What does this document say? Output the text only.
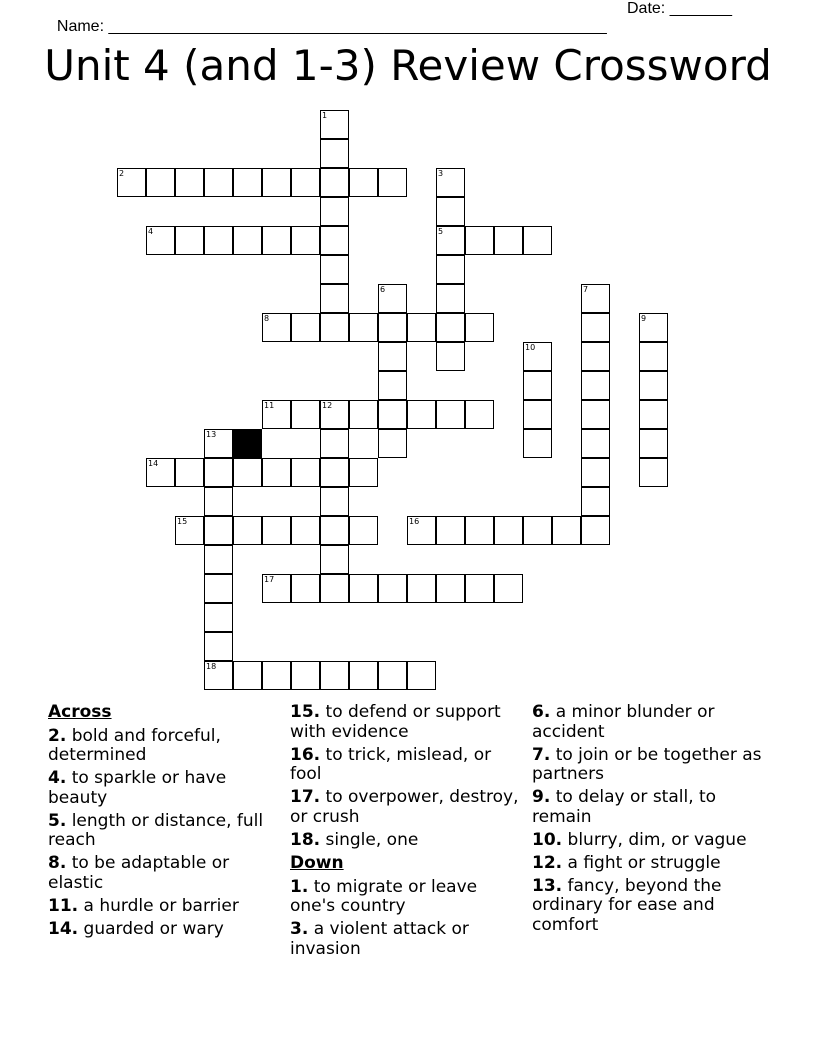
Name: ________________________________________________________

Date: _______

Unit 4 (and 1-3) Review Crossword
2
4	5
8
11	12
14
15	16
17
18
1
3
6	7
9
10
13
Across
2. bold and forceful, determined
4. to sparkle or have beauty
5. length or distance, full reach
8. to be adaptable or elastic
11. a hurdle or barrier
14. guarded or wary
15. to defend or support with evidence
16. to trick, mislead, or fool
17. to overpower, destroy, or crush
18. single, one
Down
1. to migrate or leave one's country
3. a violent attack or invasion
6. a minor blunder or accident
7. to join or be together as partners
9. to delay or stall, to remain
10. blurry, dim, or vague
12. a fight or struggle
13. fancy, beyond the ordinary for ease and comfort
